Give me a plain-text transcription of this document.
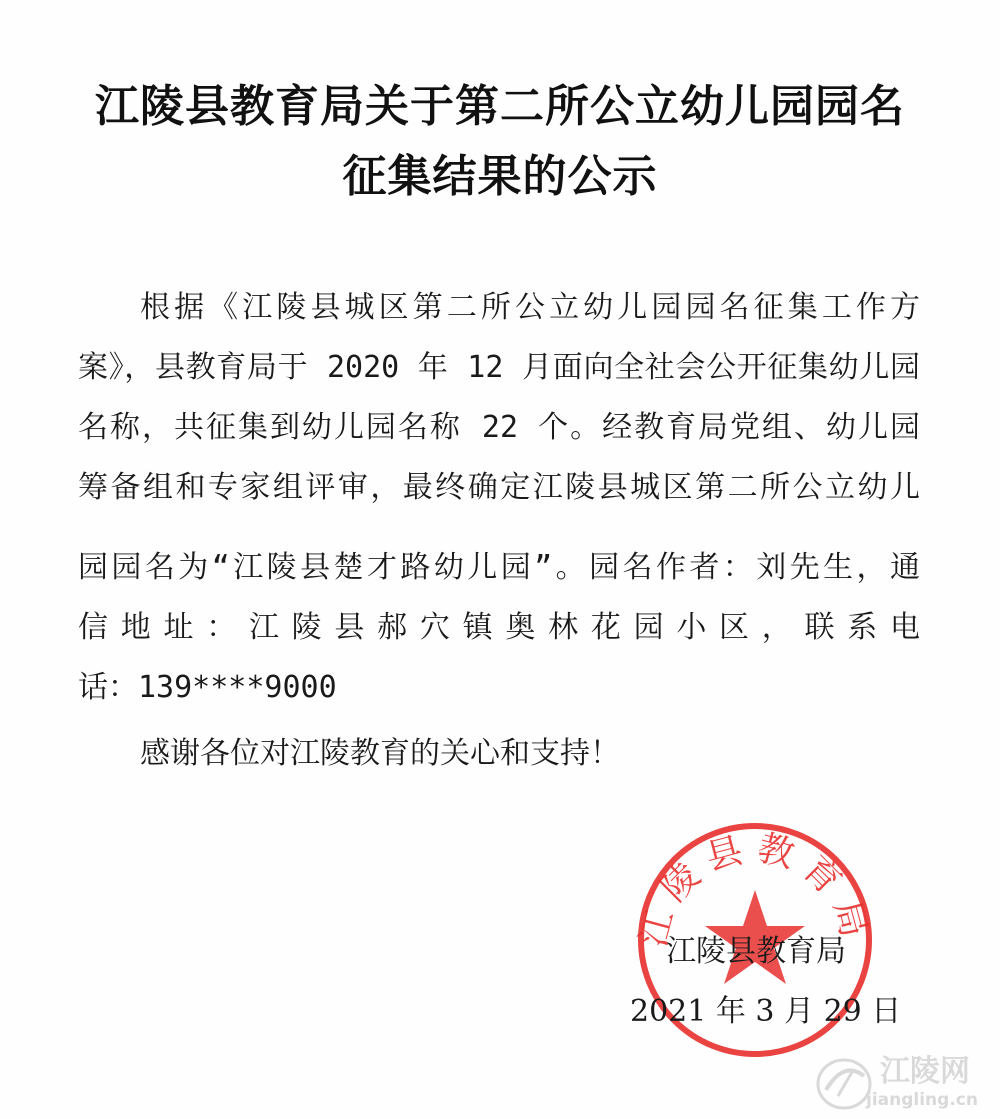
江陵县教育局关于第二所公立幼儿园园名
征集结果的公示
根据《江陵县城区第二所公立幼儿园园名征集工作方
案》，县教育局于 2020 年 12 月面向全社会公开征集幼儿园
名称，共征集到幼儿园名称 22 个。经教育局党组、幼儿园
筹备组和专家组评审，最终确定江陵县城区第二所公立幼儿
园园名为“江陵县楚才路幼儿园”。园名作者：刘先生，通
信地址：江陵县郝穴镇奥林花园小区，联系电
话：139****9000
感谢各位对江陵教育的关心和支持！
江陵县教育局
江陵县教育局
2021 年 3 月 29 日
江陵网
jiangling.cn
